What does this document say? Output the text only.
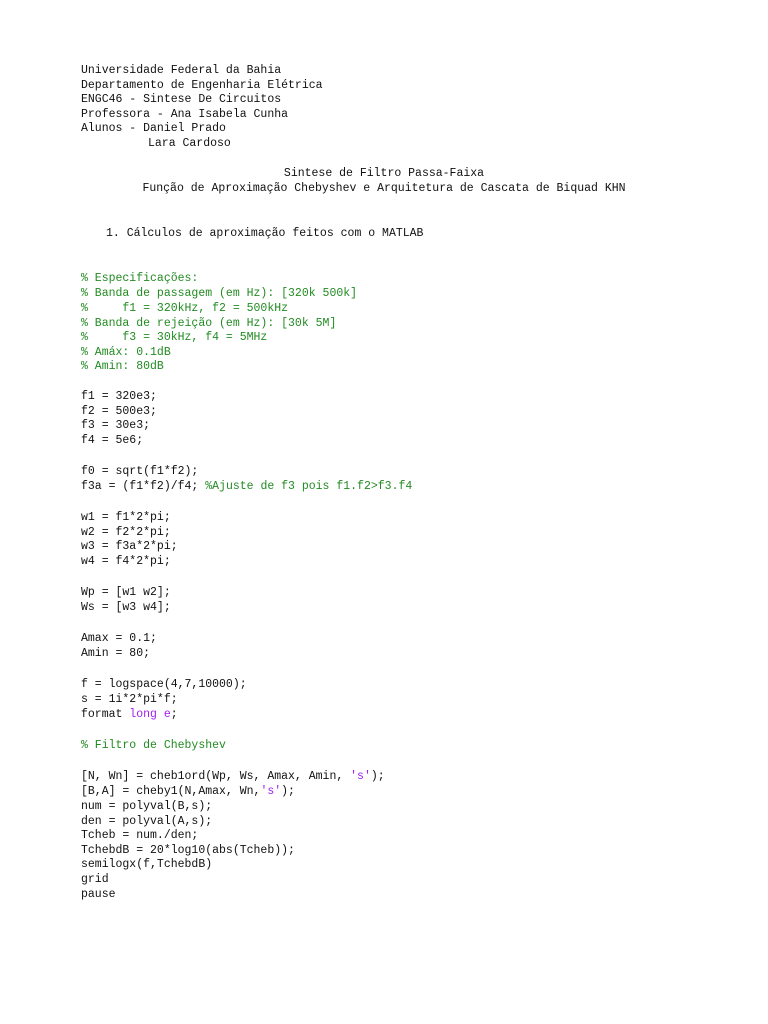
Universidade Federal da Bahia
Departamento de Engenharia Elétrica
ENGC46 - Sintese De Circuitos
Professora - Ana Isabela Cunha
Alunos - Daniel Prado
Lara Cardoso
Sintese de Filtro Passa-Faixa
Função de Aproximação Chebyshev e Arquitetura de Cascata de Biquad KHN
1. Cálculos de aproximação feitos com o MATLAB
% Especificações:
% Banda de passagem (em Hz): [320k 500k]
%     f1 = 320kHz, f2 = 500kHz
% Banda de rejeição (em Hz): [30k 5M]
%     f3 = 30kHz, f4 = 5MHz
% Amáx: 0.1dB
% Amin: 80dB
f1 = 320e3;
f2 = 500e3;
f3 = 30e3;
f4 = 5e6;
f0 = sqrt(f1*f2);
f3a = (f1*f2)/f4; %Ajuste de f3 pois f1.f2>f3.f4
w1 = f1*2*pi;
w2 = f2*2*pi;
w3 = f3a*2*pi;
w4 = f4*2*pi;
Wp = [w1 w2];
Ws = [w3 w4];
Amax = 0.1;
Amin = 80;
f = logspace(4,7,10000);
s = 1i*2*pi*f;
format long e;
% Filtro de Chebyshev
[N, Wn] = cheb1ord(Wp, Ws, Amax, Amin, 's');
[B,A] = cheby1(N,Amax, Wn,'s');
num = polyval(B,s);
den = polyval(A,s);
Tcheb = num./den;
TchebdB = 20*log10(abs(Tcheb));
semilogx(f,TchebdB)
grid
pause
